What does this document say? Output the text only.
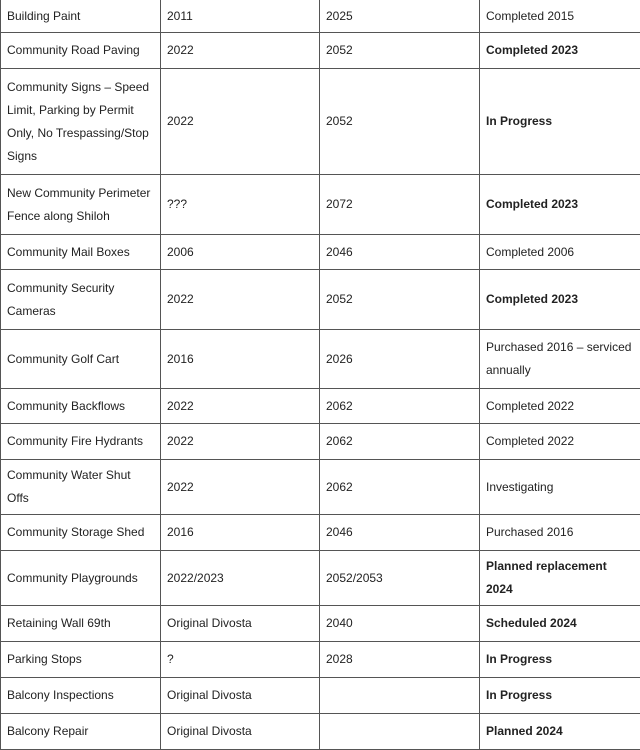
Building Paint	2011	2025	Completed 2015
Community Road Paving	2022	2052	Completed 2023
Community Signs – Speed Limit, Parking by Permit Only, No Trespassing/Stop Signs	2022	2052	In Progress
New Community Perimeter Fence along Shiloh	???	2072	Completed 2023
Community Mail Boxes	2006	2046	Completed 2006
Community Security Cameras	2022	2052	Completed 2023
Community Golf Cart	2016	2026	Purchased 2016 – serviced annually
Community Backflows	2022	2062	Completed 2022
Community Fire Hydrants	2022	2062	Completed 2022
Community Water Shut Offs	2022	2062	Investigating
Community Storage Shed	2016	2046	Purchased 2016
Community Playgrounds	2022/2023	2052/2053	Planned replacement 2024
Retaining Wall 69th	Original Divosta	2040	Scheduled 2024
Parking Stops	?	2028	In Progress
Balcony Inspections	Original Divosta		In Progress
Balcony Repair	Original Divosta		Planned 2024
